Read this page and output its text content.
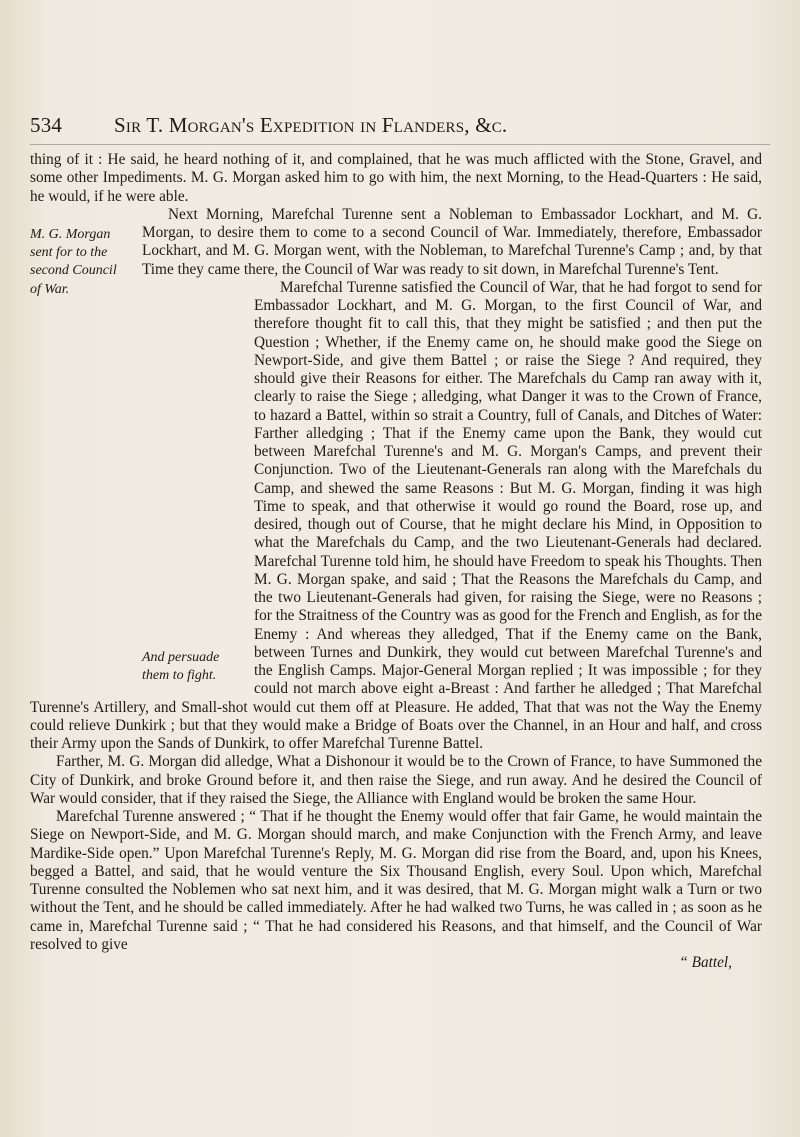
534 Sir T. Morgan's Expedition in Flanders, &c.

thing of it : He said, he heard nothing of it, and complained, that he was much afflicted with the Stone, Gravel, and some other Impediments. M. G. Morgan asked him to go with him, the next Morning, to the Head-Quarters : He said, he would, if he were able.

M. G. Morgan sent for to the second Council of War.

Next Morning, Marefchal Turenne sent a Nobleman to Embassador Lockhart, and M. G. Morgan, to desire them to come to a second Council of War. Immediately, therefore, Embassador Lockhart, and M. G. Morgan went, with the Nobleman, to Marefchal Turenne's Camp ; and, by that Time they came there, the Council of War was ready to sit down, in Marefchal Turenne's Tent.

And persuade them to fight.

Marefchal Turenne satisfied the Council of War, that he had forgot to send for Embassador Lockhart, and M. G. Morgan, to the first Council of War, and therefore thought fit to call this, that they might be satisfied ; and then put the Question ; Whether, if the Enemy came on, he should make good the Siege on Newport-Side, and give them Battel ; or raise the Siege ? And required, they should give their Reasons for either. The Marefchals du Camp ran away with it, clearly to raise the Siege ; alledging, what Danger it was to the Crown of France, to hazard a Battel, within so strait a Country, full of Canals, and Ditches of Water: Farther alledging ; That if the Enemy came upon the Bank, they would cut between Marefchal Turenne's and M. G. Morgan's Camps, and prevent their Conjunction. Two of the Lieutenant-Generals ran along with the Marefchals du Camp, and shewed the same Reasons : But M. G. Morgan, finding it was high Time to speak, and that otherwise it would go round the Board, rose up, and desired, though out of Course, that he might declare his Mind, in Opposition to what the Marefchals du Camp, and the two Lieutenant-Generals had declared. Marefchal Turenne told him, he should have Freedom to speak his Thoughts. Then M. G. Morgan spake, and said ; That the Reasons the Marefchals du Camp, and the two Lieutenant-Generals had given, for raising the Siege, were no Reasons ; for the Straitness of the Country was as good for the French and English, as for the Enemy : And whereas they alledged, That if the Enemy came on the Bank, between Turnes and Dunkirk, they would cut between Marefchal Turenne's and the English Camps. Major-General Morgan replied ; It was impossible ; for they could not march above eight a-Breast : And farther he alledged ; That Marefchal Turenne's Artillery, and Small-shot would cut them off at Pleasure. He added, That that was not the Way the Enemy could relieve Dunkirk ; but that they would make a Bridge of Boats over the Channel, in an Hour and half, and cross their Army upon the Sands of Dunkirk, to offer Marefchal Turenne Battel.

Farther, M. G. Morgan did alledge, What a Dishonour it would be to the Crown of France, to have Summoned the City of Dunkirk, and broke Ground before it, and then raise the Siege, and run away. And he desired the Council of War would consider, that if they raised the Siege, the Alliance with England would be broken the same Hour.

Marefchal Turenne answered ; “ That if he thought the Enemy would offer that fair Game, he would maintain the Siege on Newport-Side, and M. G. Morgan should march, and make Conjunction with the French Army, and leave Mardike-Side open.” Upon Marefchal Turenne's Reply, M. G. Morgan did rise from the Board, and, upon his Knees, begged a Battel, and said, that he would venture the Six Thousand English, every Soul. Upon which, Marefchal Turenne consulted the Noblemen who sat next him, and it was desired, that M. G. Morgan might walk a Turn or two without the Tent, and he should be called immediately. After he had walked two Turns, he was called in ; as soon as he came in, Marefchal Turenne said ; “ That he had considered his Reasons, and that himself, and the Council of War resolved to give

“ Battel,
